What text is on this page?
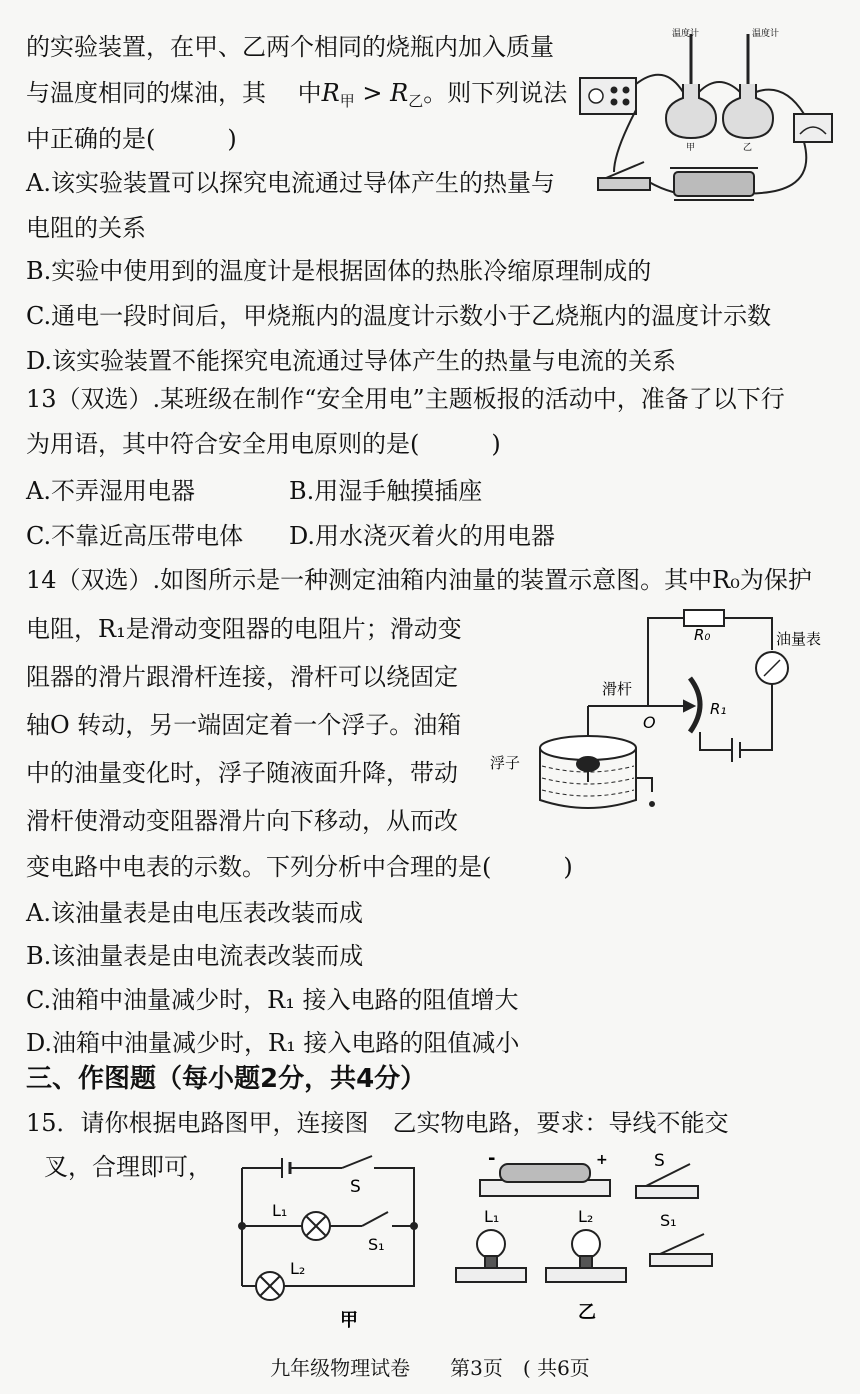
的实验装置，在甲、乙两个相同的烧瓶内加入质量
与温度相同的煤油，其　 中$R_甲 > R_乙$。则下列说法
中正确的是(　　　)
A.该实验装置可以探究电流通过导体产生的热量与
电阻的关系
B.实验中使用到的温度计是根据固体的热胀冷缩原理制成的
C.通电一段时间后，甲烧瓶内的温度计示数小于乙烧瓶内的温度计示数
D.该实验装置不能探究电流通过导体产生的热量与电流的关系
温度计	温度计
甲	乙
13（双选）.某班级在制作“安全用电”主题板报的活动中，准备了以下行
为用语，其中符合安全用电原则的是(　　　)
A.不弄湿用电器	B.用湿手触摸插座
C.不靠近高压带电体 D.用水浇灭着火的用电器
14（双选）.如图所示是一种测定油箱内油量的装置示意图。其中R₀为保护
电阻，R₁是滑动变阻器的电阻片；滑动变
阻器的滑片跟滑杆连接，滑杆可以绕固定
轴O 转动，另一端固定着一个浮子。油箱
中的油量变化时，浮子随液面升降，带动
滑杆使滑动变阻器滑片向下移动，从而改
变电路中电表的示数。下列分析中合理的是(　　　)
A.该油量表是由电压表改装而成
B.该油量表是由电流表改装而成
C.油箱中油量减少时，R₁ 接入电路的阻值增大
D.油箱中油量减少时，R₁ 接入电路的阻值减小
R₀	油量表
滑杆
O
R₁
浮子
三、作图题（每小题2分，共4分）
15．请你根据电路图甲，连接图　乙实物电路，要求：导线不能交
叉，合理即可，
S
L₁
S₁
L₂
甲
-	+	S
L₁	L₂	S₁
乙
九年级物理试卷　　第3页　( 共6页
